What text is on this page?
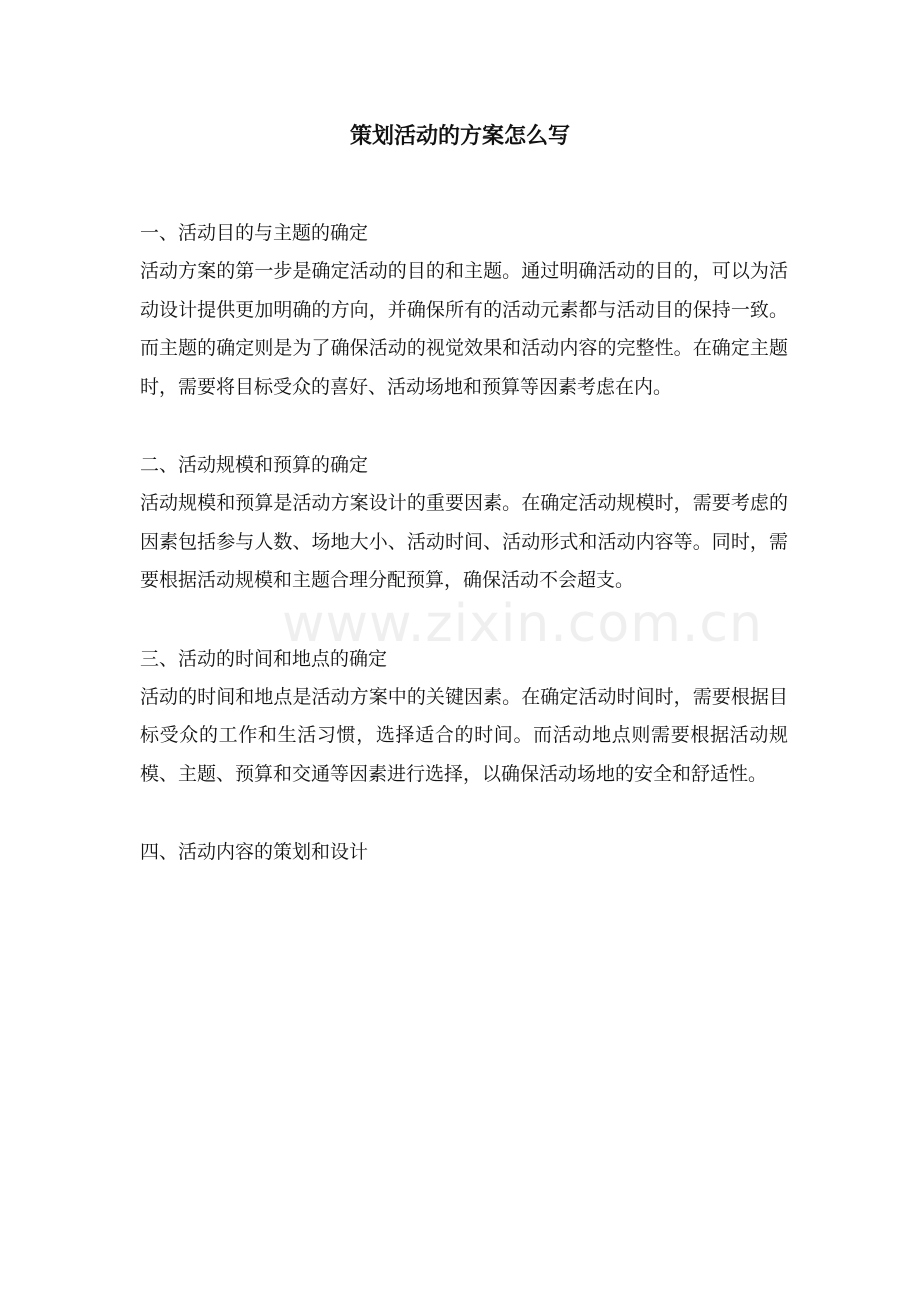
策划活动的方案怎么写

一、活动目的与主题的确定

活动方案的第一步是确定活动的目的和主题。通过明确活动的目的，可以为活动设计提供更加明确的方向，并确保所有的活动元素都与活动目的保持一致。而主题的确定则是为了确保活动的视觉效果和活动内容的完整性。在确定主题时，需要将目标受众的喜好、活动场地和预算等因素考虑在内。

二、活动规模和预算的确定

活动规模和预算是活动方案设计的重要因素。在确定活动规模时，需要考虑的因素包括参与人数、场地大小、活动时间、活动形式和活动内容等。同时，需要根据活动规模和主题合理分配预算，确保活动不会超支。

三、活动的时间和地点的确定

活动的时间和地点是活动方案中的关键因素。在确定活动时间时，需要根据目标受众的工作和生活习惯，选择适合的时间。而活动地点则需要根据活动规模、主题、预算和交通等因素进行选择，以确保活动场地的安全和舒适性。

四、活动内容的策划和设计

www.zixin.com.cn
